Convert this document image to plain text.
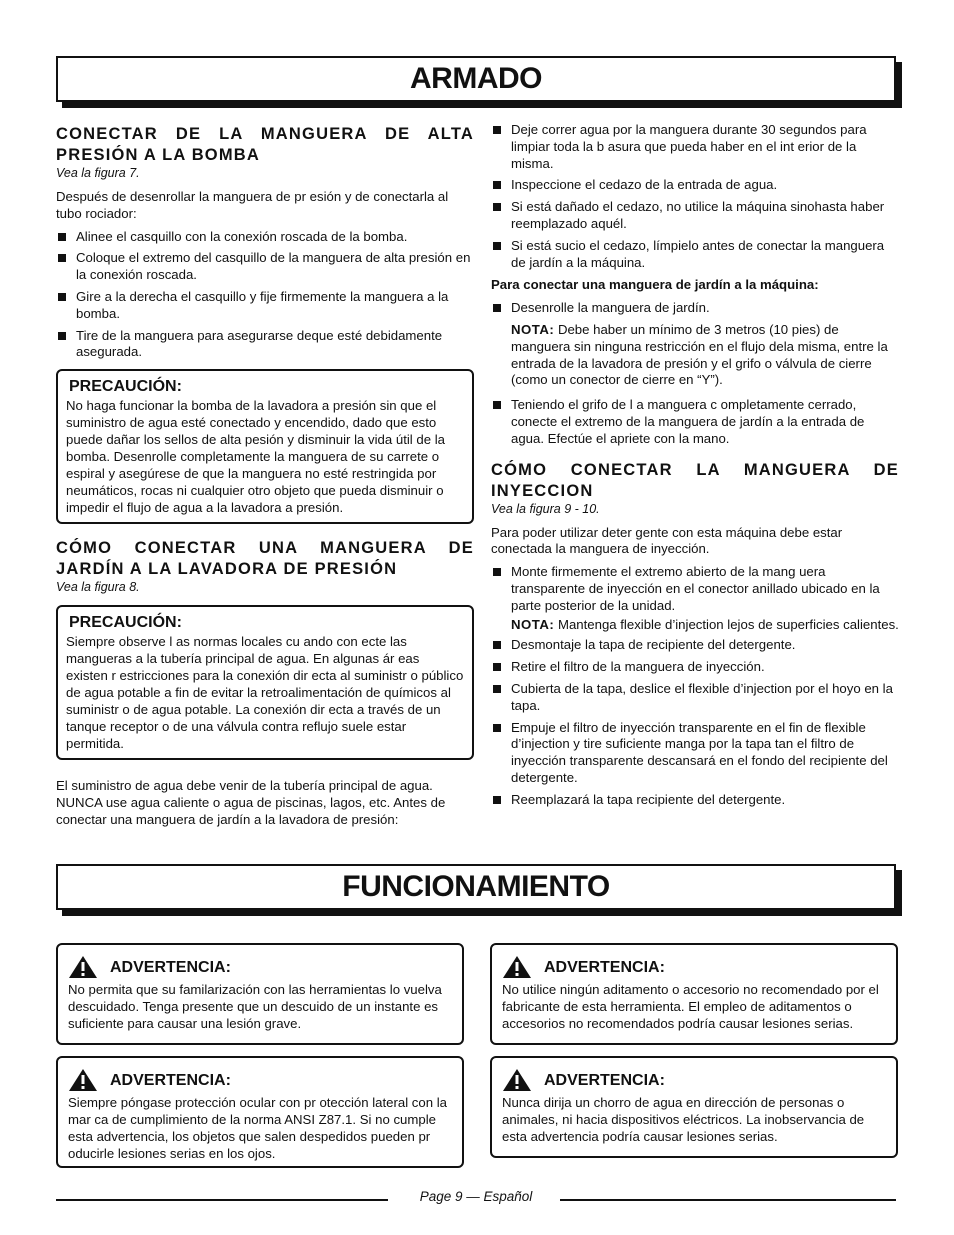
ARMADO
CONECTAR DE LA MANGUERA DE ALTA PRESIÓN A LA BOMBA
Vea la figura 7.

Después de desenrollar la manguera de pr esión y de conectarla al tubo rociador:

Alinee el casquillo con la conexión roscada de la bomba.
Coloque el extremo del casquillo de la manguera de alta presión en la conexión roscada.
Gire a la derecha el casquillo y fije firmemente la manguera a la bomba.
Tire de la manguera para asegurarse deque esté debidamente asegurada.
PRECAUCIÓN:
No haga funcionar la bomba de la lavadora a presión sin que el suministro de agua esté conectado y encendido, dado que esto puede dañar los sellos de alta pesión y disminuir la vida útil de la bomba. Desenrolle completamente la manguera de su carrete o espiral y asegúrese de que la manguera no esté restringida por neumáticos, rocas ni cualquier otro objeto que pueda disminuir o impedir el flujo de agua a la lavadora a presión.
CÓMO CONECTAR UNA MANGUERA DE JARDÍN A LA LAVADORA DE PRESIÓN
Vea la figura 8.
PRECAUCIÓN:
Siempre observe l as normas locales cu ando con ecte las mangueras a la tubería principal de agua. En algunas ár eas existen r estricciones para la conexión dir ecta al suministr o público de agua potable a fin de evitar la retroalimentación de químicos al suministr o de agua potable. La conexión dir ecta a través de un tanque receptor o de una válvula contra reflujo suele estar permitida.

El suministro de agua debe venir de la tubería principal de agua. NUNCA use agua caliente o agua de piscinas, lagos, etc. Antes de conectar una manguera de jardín a la lavadora de presión:

Deje correr agua por la manguera durante 30 segundos para limpiar toda la b asura que pueda haber en el int erior de la misma.
Inspeccione el cedazo de la entrada de agua.
Si está dañado el cedazo, no utilice la máquina sinohasta haber reemplazado aquél.
Si está sucio el cedazo, límpielo antes de conectar la manguera de jardín a la máquina.
Para conectar una manguera de jardín a la máquina:
Desenrolle la manguera de jardín.
NOTA: Debe haber un mínimo de 3 metros (10 pies) de manguera sin ninguna restricción en el flujo dela misma, entre la entrada de la lavadora de presión y el grifo o válvula de cierre (como un conector de cierre en “Y”).
Teniendo el grifo de l a manguera c ompletamente cerrado, conecte el extremo de la manguera de jardín a la entrada de agua. Efectúe el apriete con la mano.
CÓMO CONECTAR LA MANGUERA DE INYECCION
Vea la figura 9 - 10.

Para poder utilizar deter gente con esta máquina debe estar conectada la manguera de inyección.

Monte firmemente el extremo abierto de la mang uera transparente de inyección en el conector anillado ubicado en la parte posterior de la unidad.
NOTA: Mantenga flexible d’injection lejos de superficies calientes.
Desmontaje la tapa de recipiente del detergente.
Retire el filtro de la manguera de inyección.
Cubierta de la tapa, deslice el flexible d’injection por el hoyo en la tapa.
Empuje el filtro de inyección transparente en el fin de flexible d’injection y tire suficiente manga por la tapa tan el filtro de inyección transparente descansará en el fondo del recipiente del detergente.
Reemplazará la tapa recipiente del detergente.
FUNCIONAMIENTO
ADVERTENCIA:
No permita que su familarización con las herramientas lo vuelva descuidado. Tenga presente que un descuido de un instante es suficiente para causar una lesión grave.
ADVERTENCIA:
No utilice ningún aditamento o accesorio no recomendado por el fabricante de esta herramienta. El empleo de aditamentos o accesorios no recomendados podría causar lesiones serias.
ADVERTENCIA:
Siempre póngase protección ocular con pr otección lateral con la mar ca de cumplimiento de la norma ANSI Z87.1. Si no cumple esta advertencia, los objetos que salen despedidos pueden pr oducirle lesiones serias en los ojos.
ADVERTENCIA:
Nunca dirija un chorro de agua en dirección de personas o animales, ni hacia dispositivos eléctricos. La inobservancia de esta advertencia podría causar lesiones serias.
Page 9 — Español
